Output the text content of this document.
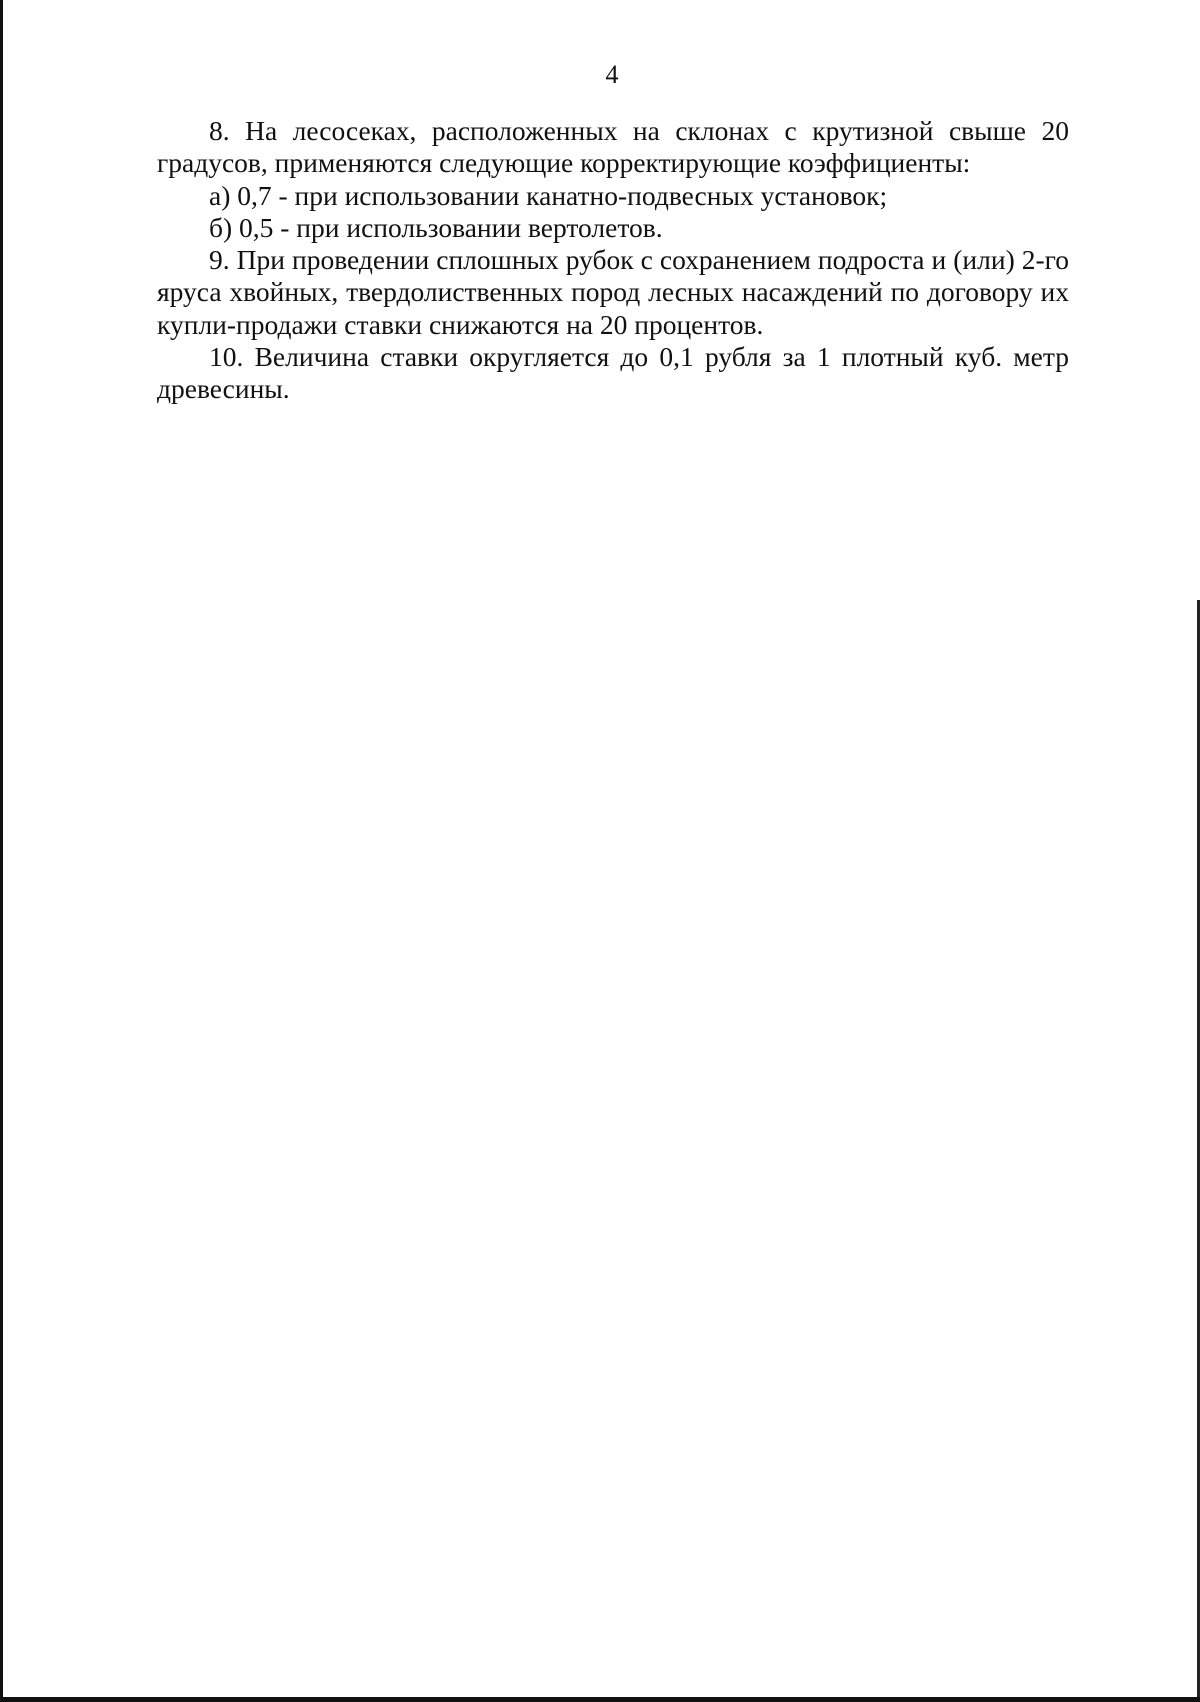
4

8. На лесосеках, расположенных на склонах с крутизной свыше 20 градусов, применяются следующие корректирующие коэффициенты:

а) 0,7 - при использовании канатно-подвесных установок;

б) 0,5 - при использовании вертолетов.

9. При проведении сплошных рубок с сохранением подроста и (или) 2-го яруса хвойных, твердолиственных пород лесных насаждений по договору их купли-продажи ставки снижаются на 20 процентов.

10. Величина ставки округляется до 0,1 рубля за 1 плотный куб. метр древесины.
